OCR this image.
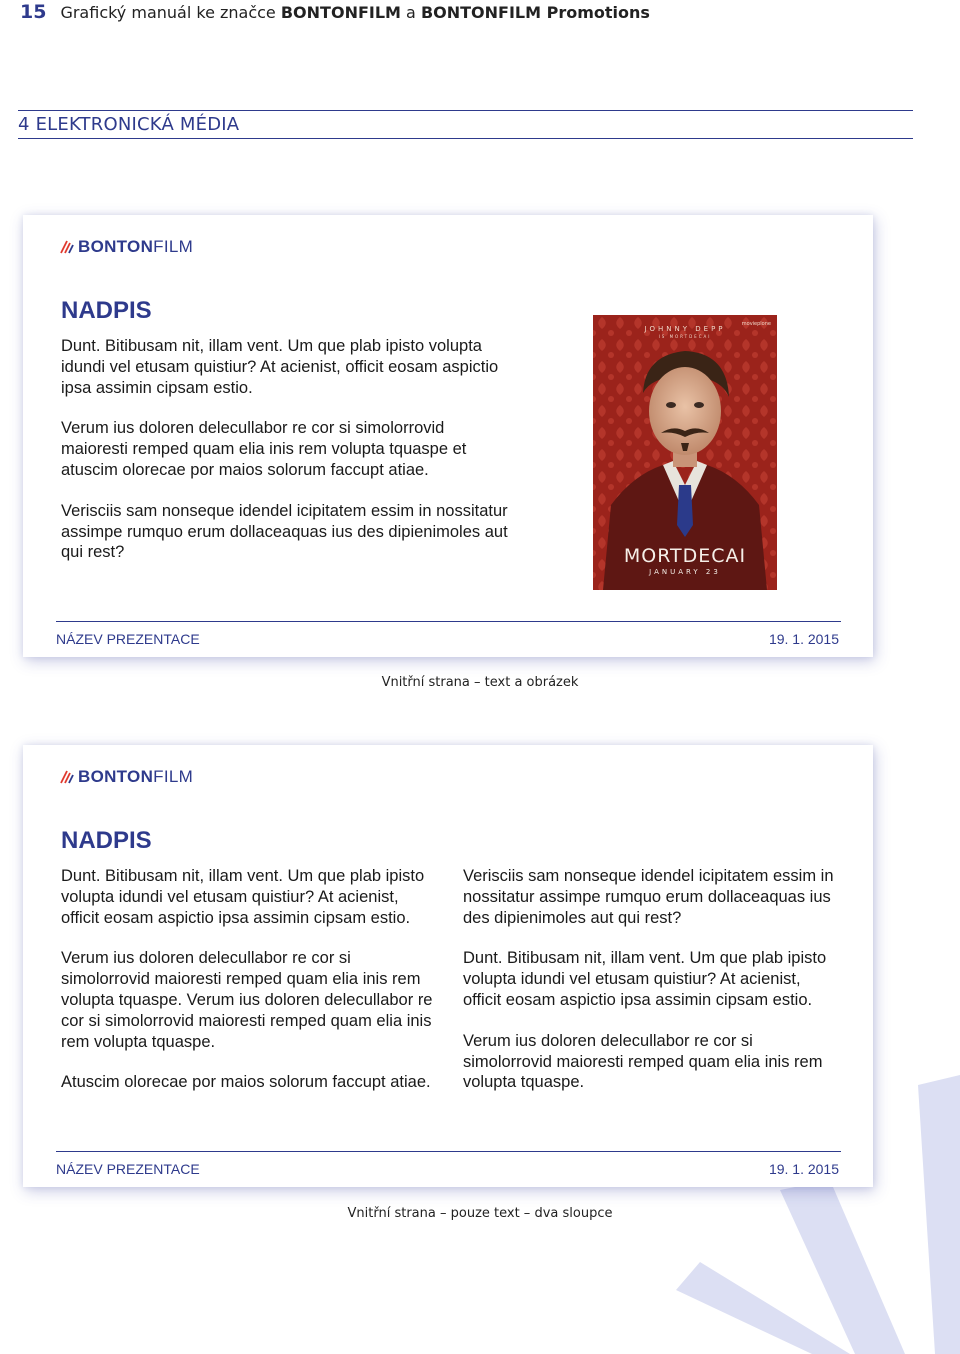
15 Grafický manuál ke značce BONTONFILM a BONTONFILM Promotions
4 ELEKTRONICKÁ MÉDIA
BONTON FILM
NADPIS

Dunt. Bitibusam nit, illam vent. Um que plab ipisto volupta idundi vel etusam quistiur? At acienist, officit eosam aspictio ipsa assimin cipsam estio.

Verum ius doloren delecullabor re cor si simolorrovid maioresti remped quam elia inis rem volupta tquaspe et atuscim olorecae por maios solorum faccupt atiae.

Verisciis sam nonseque idendel icipitatem essim in nossitatur assimpe rumquo erum dollaceaquas ius des dipienimoles aut qui rest?

JOHNNY DEPP
IS MORTDECAI
movieplone
MORTDECAI
JANUARY 23
NÁZEV PREZENTACE	19. 1. 2015
Vnitřní strana – text a obrázek
BONTON FILM
NADPIS

Dunt. Bitibusam nit, illam vent. Um que plab ipisto volupta idundi vel etusam quistiur? At acienist, officit eosam aspictio ipsa assimin cipsam estio.

Verum ius doloren delecullabor re cor si simolorrovid maioresti remped quam elia inis rem volupta tquaspe. Verum ius doloren delecullabor re cor si simolorrovid maioresti remped quam elia inis rem volupta tquaspe.

Atuscim olorecae por maios solorum faccupt atiae.

Verisciis sam nonseque idendel icipitatem essim in nossitatur assimpe rumquo erum dollaceaquas ius des dipienimoles aut qui rest?

Dunt. Bitibusam nit, illam vent. Um que plab ipisto volupta idundi vel etusam quistiur? At acienist, officit eosam aspictio ipsa assimin cipsam estio.

Verum ius doloren delecullabor re cor si simolorrovid maioresti remped quam elia inis rem volupta tquaspe.

NÁZEV PREZENTACE	19. 1. 2015
Vnitřní strana – pouze text – dva sloupce
